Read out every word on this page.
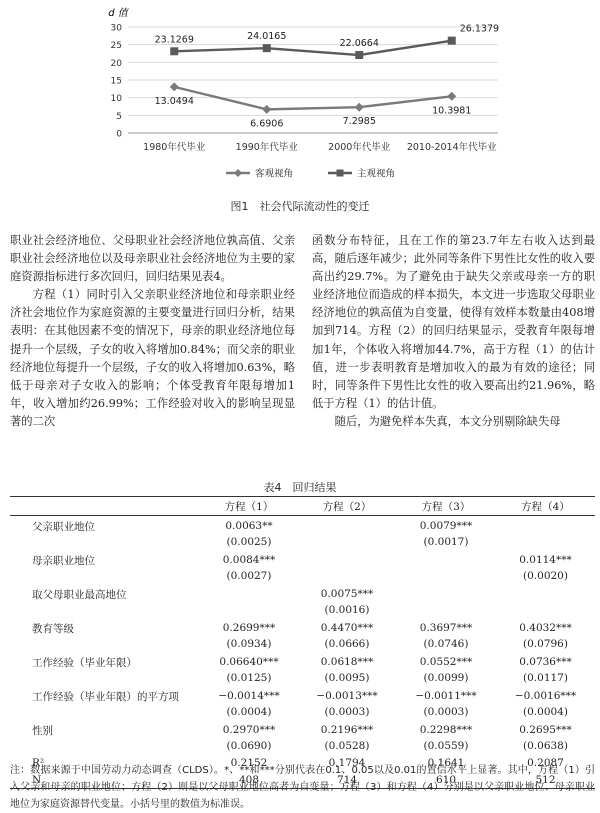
0
5
10
15
20
25
30
d 值
1980年代毕业	1990年代毕业	2000年代毕业 2010-2014年代毕业
13.0494
6.6906	7.2985
10.3981
23.1269	24.0165
22.0664
26.1379
客观视角	主观视角
图1　社会代际流动性的变迁

职业社会经济地位、父母职业社会经济地位孰高值、父亲职业社会经济地位以及母亲职业社会经济地位为主要的家庭资源指标进行多次回归，回归结果见表4。

方程（1）同时引入父亲职业经济地位和母亲职业经济社会地位作为家庭资源的主要变量进行回归分析，结果表明：在其他因素不变的情况下，母亲的职业经济地位每提升一个层级，子女的收入将增加0.84%；而父亲的职业经济地位每提升一个层级，子女的收入将增加0.63%，略低于母亲对子女收入的影响；个体受教育年限每增加1年，收入增加约26.99%；工作经验对收入的影响呈现显著的二次

函数分布特征，且在工作的第23.7年左右收入达到最高，随后逐年减少；此外同等条件下男性比女性的收入要高出约29.7%。为了避免由于缺失父亲或母亲一方的职业经济地位而造成的样本损失，本文进一步选取父母职业经济地位的孰高值为自变量，使得有效样本数量由408增加到714。方程（2）的回归结果显示，受教育年限每增加1年，个体收入将增加44.7%，高于方程（1）的估计值，进一步表明教育是增加收入的最为有效的途径；同时，同等条件下男性比女性的收入要高出约21.96%，略低于方程（1）的估计值。

随后，为避免样本失真，本文分别剔除缺失母

表4　回归结果
	方程（1）	方程（2）	方程（3）	方程（4）
父亲职业地位	0.0063**		0.0079***	
	(0.0025)		(0.0017)	
母亲职业地位	0.0084***			0.0114***
	(0.0027)			(0.0020)
取父母职业最高地位		0.0075***		
		(0.0016)		
教育等级	0.2699***	0.4470***	0.3697***	0.4032***
	(0.0934)	(0.0666)	(0.0746)	(0.0796)
工作经验（毕业年限）	0.06640***	0.0618***	0.0552***	0.0736***
	(0.0125)	(0.0095)	(0.0099)	(0.0117)
工作经验（毕业年限）的平方项	−0.0014***	−0.0013***	−0.0011***	−0.0016***
	(0.0004)	(0.0003)	(0.0003)	(0.0004)
性别	0.2970***	0.2196***	0.2298***	0.2695***
	(0.0690)	(0.0528)	(0.0559)	(0.0638)
R²	0.2152	0.1794	0.1641	0.2087
N	408	714	610	512
注：数据来源于中国劳动力动态调查（CLDS）。*、**和***分别代表在0.1、0.05以及0.01的置信水平上显著。其中，方程（1）引入父亲和母亲的职业地位；方程（2）则是以父母职业地位高者为自变量；方程（3）和方程（4）分别是以父亲职业地位、母亲职业地位为家庭资源替代变量。小括号里的数值为标准误。
